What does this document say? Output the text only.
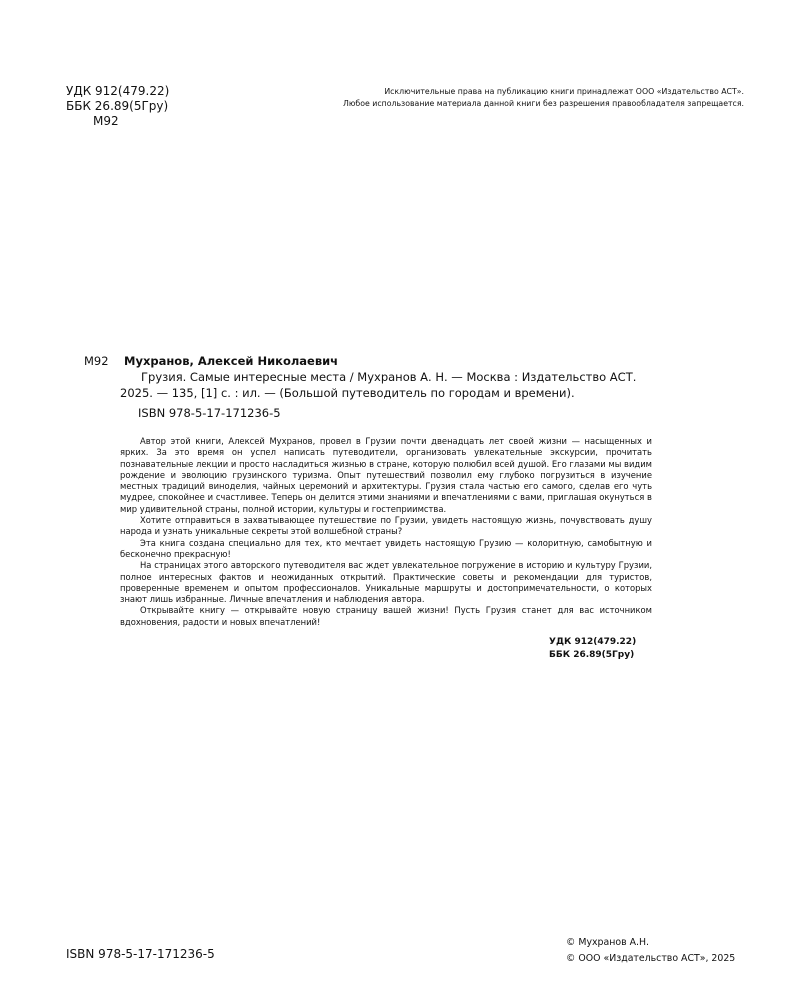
УДК 912(479.22)
ББК 26.89(5Гру)
М92
Исключительные права на публикацию книги принадлежат ООО «Издательство АСТ».
Любое использование материала данной книги без разрешения правообладателя запрещается.
М92 Мухранов, Алексей Николаевич
Грузия. Самые интересные места / Мухранов А. Н. — Москва : Издательство АСТ. 2025. — 135, [1] с. : ил. — (Большой путеводитель по городам и времени).
ISBN 978-5-17-171236-5

Автор этой книги, Алексей Мухранов, провел в Грузии почти двенадцать лет своей жизни — насыщенных и ярких. За это время он успел написать путеводители, организовать увлекательные экскурсии, прочитать познавательные лекции и просто насладиться жизнью в стране, которую полюбил всей душой. Его глазами мы видим рождение и эволюцию грузинского туризма. Опыт путешествий позволил ему глубоко погрузиться в изучение местных традиций виноделия, чайных церемоний и архитектуры. Грузия стала частью его самого, сделав его чуть мудрее, спокойнее и счастливее. Теперь он делится этими знаниями и впечатлениями с вами, приглашая окунуться в мир удивительной страны, полной истории, культуры и гостеприимства.

Хотите отправиться в захватывающее путешествие по Грузии, увидеть настоящую жизнь, почувствовать душу народа и узнать уникальные секреты этой волшебной страны?

Эта книга создана специально для тех, кто мечтает увидеть настоящую Грузию — колоритную, самобытную и бесконечно прекрасную!

На страницах этого авторского путеводителя вас ждет увлекательное погружение в историю и культуру Грузии, полное интересных фактов и неожиданных открытий. Практические советы и рекомендации для туристов, проверенные временем и опытом профессионалов. Уникальные маршруты и достопримечательности, о которых знают лишь избранные. Личные впечатления и наблюдения автора.

Открывайте книгу — открывайте новую страницу вашей жизни! Пусть Грузия станет для вас источником вдохновения, радости и новых впечатлений!

УДК 912(479.22)
ББК 26.89(5Гру)
ISBN 978-5-17-171236-5
© Мухранов А.Н.
© ООО «Издательство АСТ», 2025
